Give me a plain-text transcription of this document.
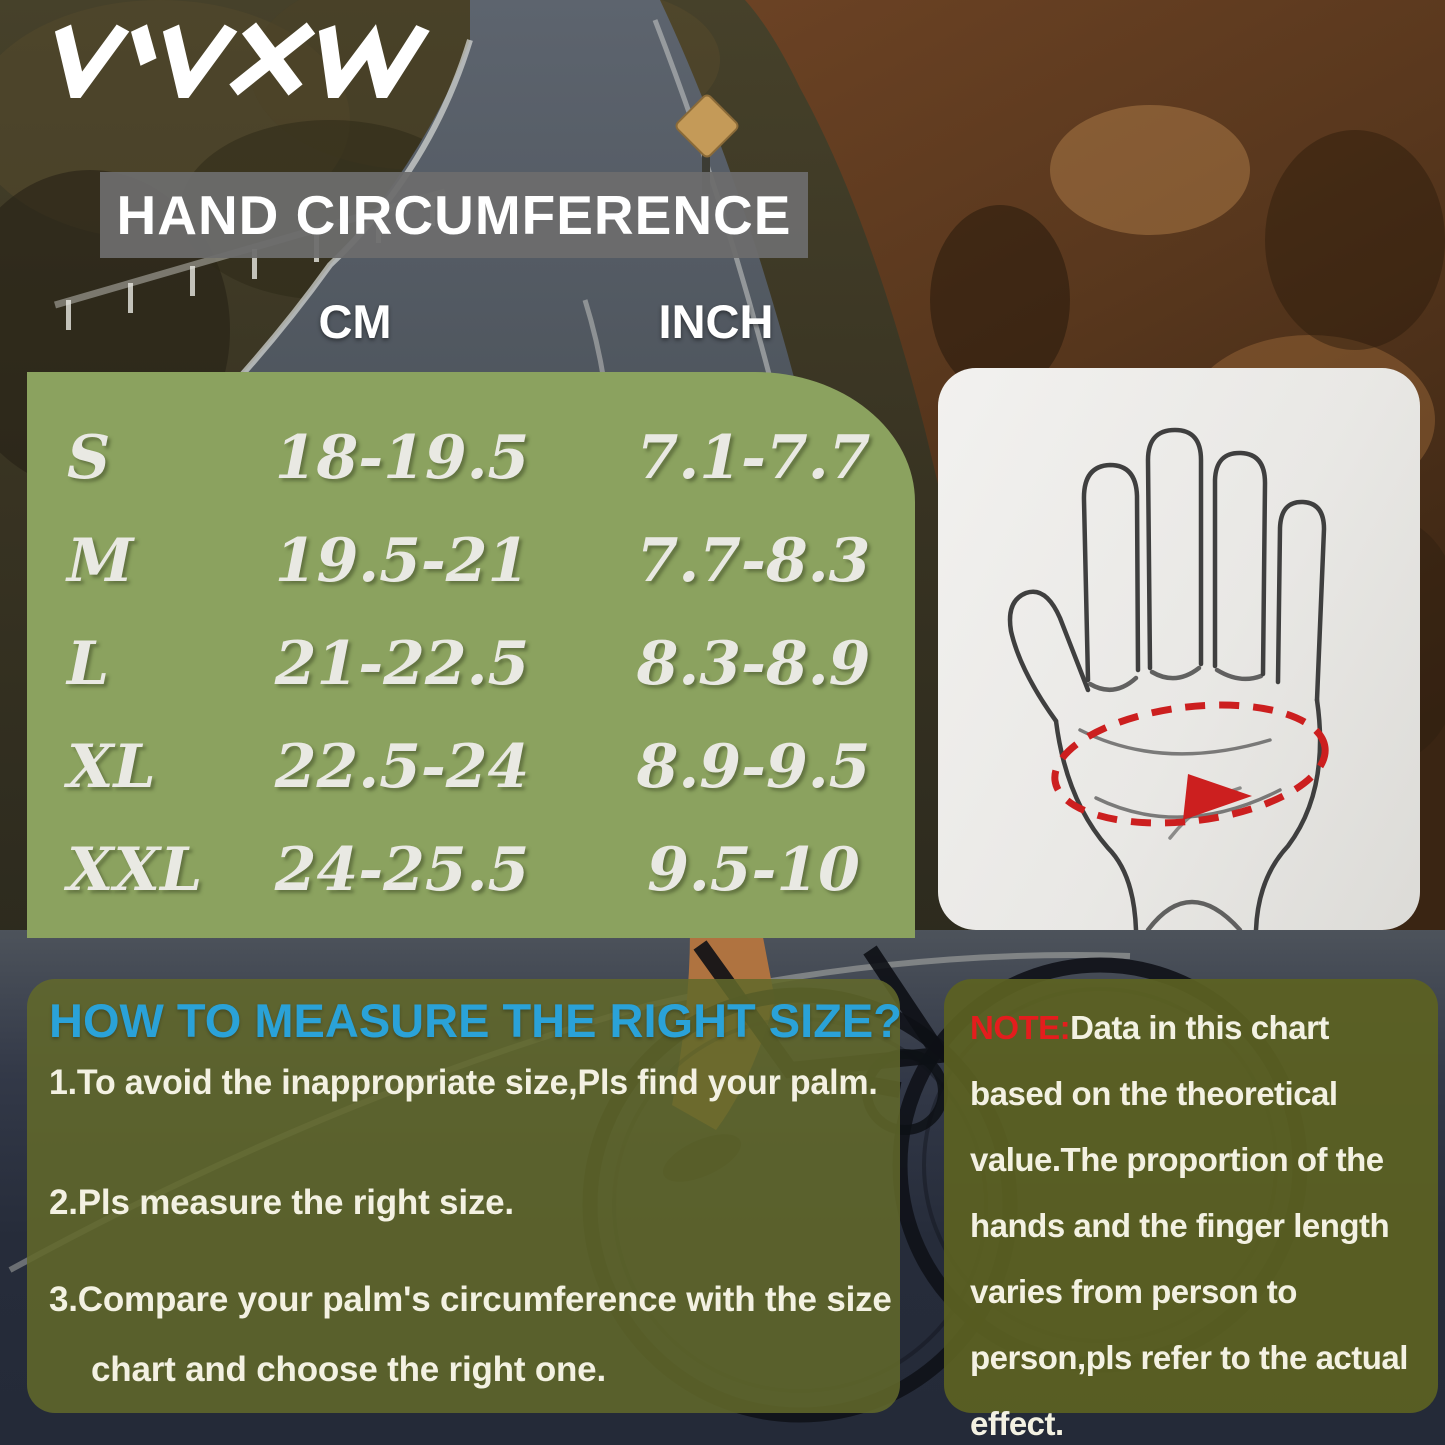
HAND CIRCUMFERENCE
CM	INCH
S	18-19.5	7.1-7.7
M	19.5-21	7.7-8.3
L	21-22.5	8.3-8.9
XL	22.5-24	8.9-9.5
XXL	24-25.5	9.5-10
HOW TO MEASURE THE RIGHT SIZE?
1.To avoid the inappropriate size,Pls find your palm.
2.Pls measure the right size.
3.Compare your palm's circumference with the size chart and choose the right one.

NOTE:Data in this chart based on the theoretical value.The proportion of the hands and the finger length varies from person to person,pls refer to the actual effect.
